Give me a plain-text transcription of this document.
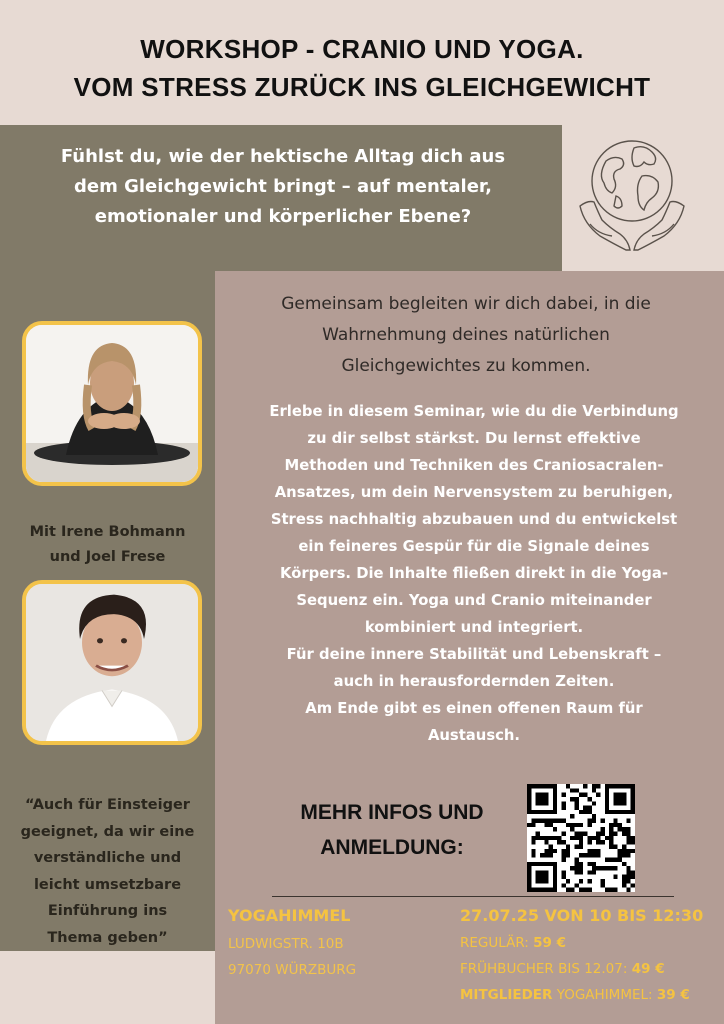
WORKSHOP - CRANIO UND YOGA.
VOM STRESS ZURÜCK INS GLEICHGEWICHT
Fühlst du, wie der hektische Alltag dich aus
dem Gleichgewicht bringt – auf mentaler,
emotionaler und körperlicher Ebene?
Mit Irene Bohmann
und Joel Frese
“Auch für Einsteiger
geeignet, da wir eine
verständliche und
leicht umsetzbare
Einführung ins
Thema geben”
Gemeinsam begleiten wir dich dabei, in die
Wahrnehmung deines natürlichen
Gleichgewichtes zu kommen.
Erlebe in diesem Seminar, wie du die Verbindung
zu dir selbst stärkst. Du lernst effektive
Methoden und Techniken des Craniosacralen-
Ansatzes, um dein Nervensystem zu beruhigen,
Stress nachhaltig abzubauen und du entwickelst
ein feineres Gespür für die Signale deines
Körpers. Die Inhalte fließen direkt in die Yoga-
Sequenz ein. Yoga und Cranio miteinander
kombiniert und integriert.
Für deine innere Stabilität und Lebenskraft –
auch in herausfordernden Zeiten.
Am Ende gibt es einen offenen Raum für
Austausch.
MEHR INFOS UND
ANMELDUNG:
YOGAHIMMEL
LUDWIGSTR. 10B
97070 WÜRZBURG
27.07.25 VON 10 BIS 12:30
REGULÄR: 59 €
FRÜHBUCHER BIS 12.07: 49 €
MITGLIEDER YOGAHIMMEL: 39 €
